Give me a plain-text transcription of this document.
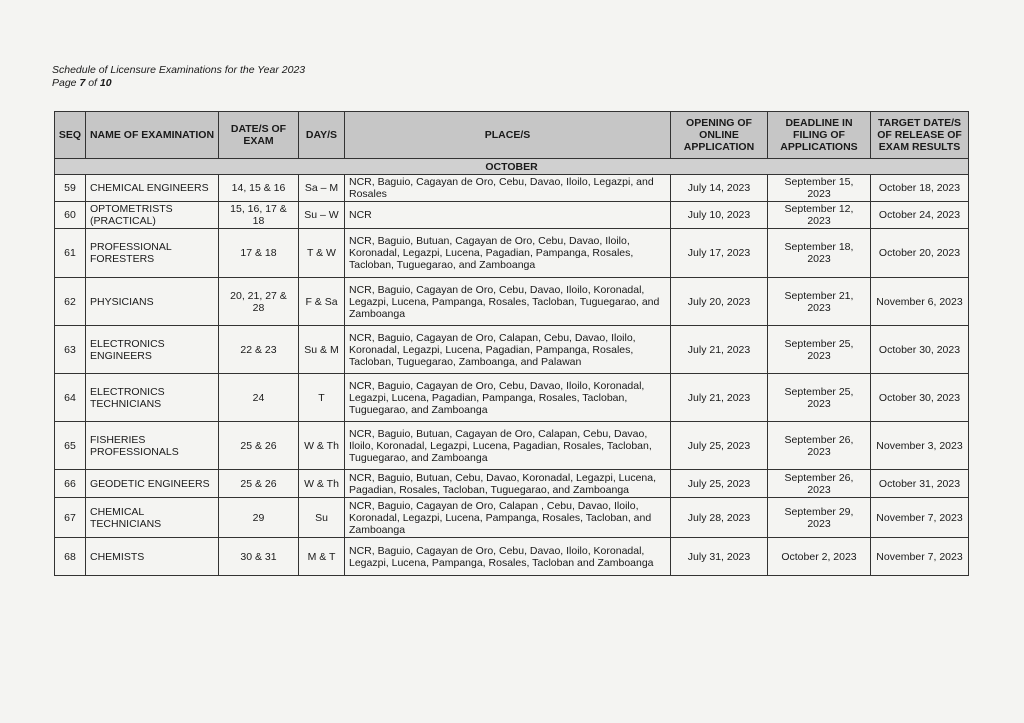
Schedule of Licensure Examinations for the Year 2023
Page 7 of 10
SEQ	NAME OF EXAMINATION	DATE/S OF EXAM	DAY/S	PLACE/S	OPENING OF ONLINE APPLICATION	DEADLINE IN FILING OF APPLICATIONS	TARGET DATE/S OF RELEASE OF EXAM RESULTS
OCTOBER							
59	CHEMICAL ENGINEERS	14, 15 & 16	Sa – M	NCR, Baguio, Cagayan de Oro, Cebu, Davao, Iloilo, Legazpi, and Rosales	July 14, 2023	September 15, 2023	October 18, 2023
60	OPTOMETRISTS (PRACTICAL)	15, 16, 17 & 18	Su – W	NCR	July 10, 2023	September 12, 2023	October 24, 2023
61	PROFESSIONAL FORESTERS	17 & 18	T & W	NCR, Baguio, Butuan, Cagayan de Oro, Cebu, Davao, Iloilo, Koronadal, Legazpi, Lucena, Pagadian, Pampanga, Rosales, Tacloban, Tuguegarao, and Zamboanga	July 17, 2023	September 18, 2023	October 20, 2023
62	PHYSICIANS	20, 21, 27 & 28	F & Sa	NCR, Baguio, Cagayan de Oro, Cebu, Davao, Iloilo, Koronadal, Legazpi, Lucena, Pampanga, Rosales, Tacloban, Tuguegarao, and Zamboanga	July 20, 2023	September 21, 2023	November 6, 2023
63	ELECTRONICS ENGINEERS	22 & 23	Su & M	NCR, Baguio, Cagayan de Oro, Calapan, Cebu, Davao, Iloilo, Koronadal, Legazpi, Lucena, Pagadian, Pampanga, Rosales, Tacloban, Tuguegarao, Zamboanga, and Palawan	July 21, 2023	September 25, 2023	October 30, 2023
64	ELECTRONICS TECHNICIANS	24	T	NCR, Baguio, Cagayan de Oro, Cebu, Davao, Iloilo, Koronadal, Legazpi, Lucena, Pagadian, Pampanga, Rosales, Tacloban, Tuguegarao, and Zamboanga	July 21, 2023	September 25, 2023	October 30, 2023
65	FISHERIES PROFESSIONALS	25 & 26	W & Th	NCR, Baguio, Butuan, Cagayan de Oro, Calapan, Cebu, Davao, Iloilo, Koronadal, Legazpi, Lucena, Pagadian, Rosales, Tacloban, Tuguegarao, and Zamboanga	July 25, 2023	September 26, 2023	November 3, 2023
66	GEODETIC ENGINEERS	25 & 26	W & Th	NCR, Baguio, Butuan, Cebu, Davao, Koronadal, Legazpi, Lucena, Pagadian, Rosales, Tacloban, Tuguegarao, and Zamboanga	July 25, 2023	September 26, 2023	October 31, 2023
67	CHEMICAL TECHNICIANS	29	Su	NCR, Baguio, Cagayan de Oro, Calapan , Cebu, Davao, Iloilo, Koronadal, Legazpi, Lucena, Pampanga, Rosales, Tacloban, and Zamboanga	July 28, 2023	September 29, 2023	November 7, 2023
68	CHEMISTS	30 & 31	M & T	NCR, Baguio, Cagayan de Oro, Cebu, Davao, Iloilo, Koronadal, Legazpi, Lucena, Pampanga, Rosales, Tacloban and Zamboanga	July 31, 2023	October 2, 2023	November 7, 2023
